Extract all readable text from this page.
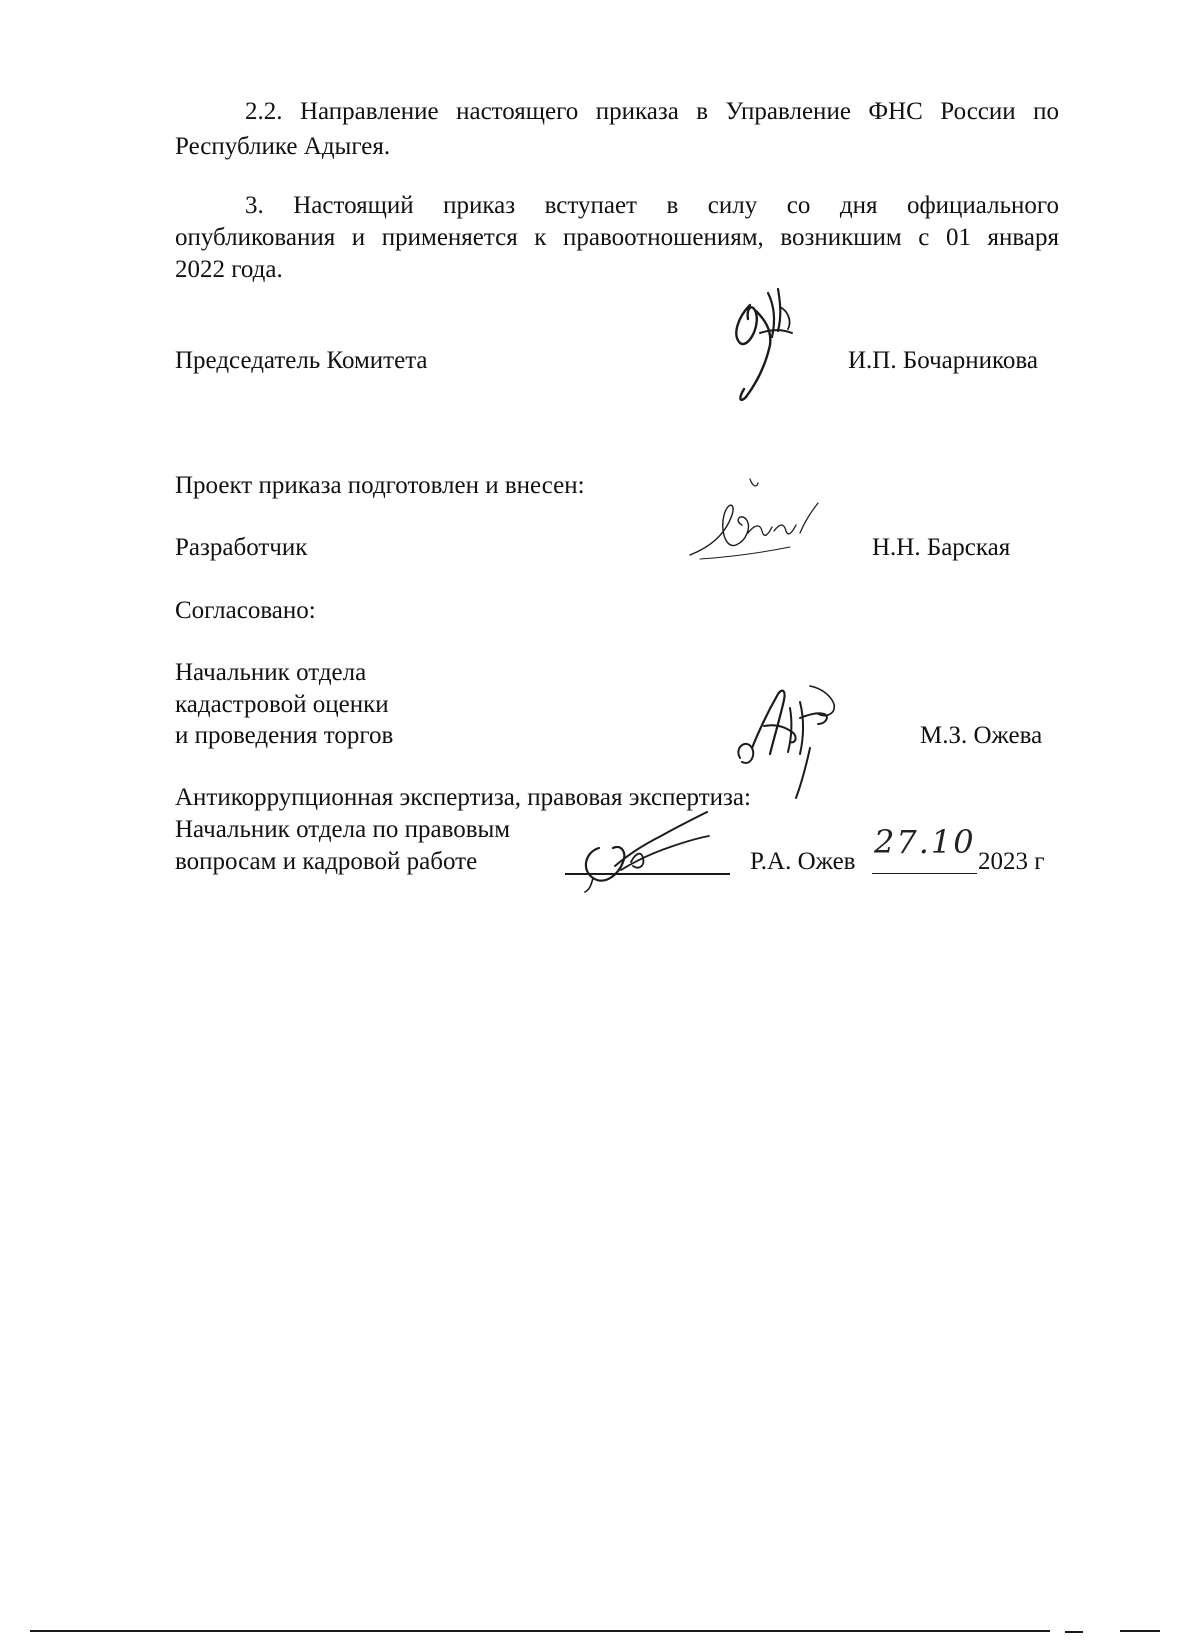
2.2. Направление настоящего приказа в Управление ФНС России по
Республике Адыгея.
3. Настоящий приказ вступает в силу со дня официального
опубликования и применяется к правоотношениям, возникшим с 01 января
2022 года.
Председатель Комитета	И.П. Бочарникова
Проект приказа подготовлен и внесен:
Разработчик	Н.Н. Барская
Согласовано:
Начальник отдела
кадастровой оценки
и проведения торгов	М.З. Ожева
Антикоррупционная экспертиза, правовая экспертиза:
Начальник отдела по правовым
вопросам и кадровой работе	Р.А. Ожев
27.10
2023 г
